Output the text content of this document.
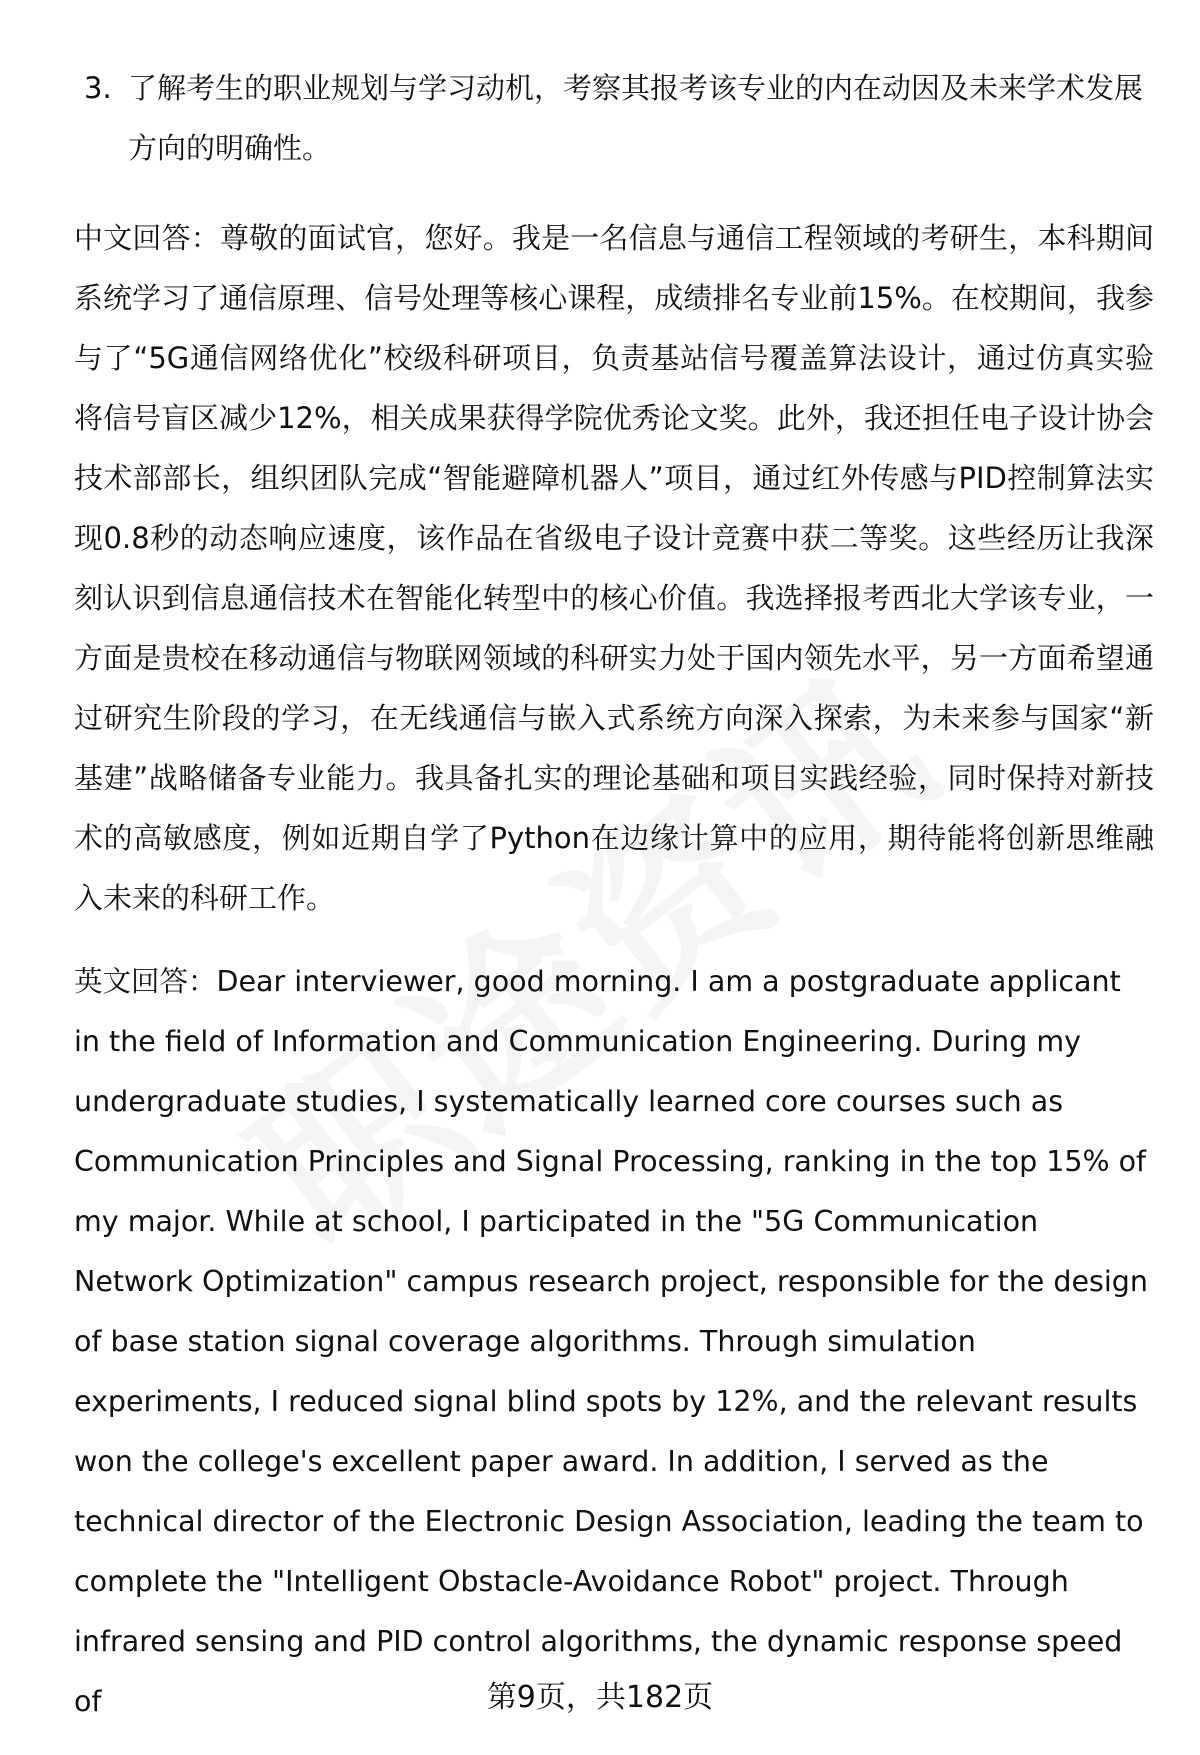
3. 了解考生的职业规划与学习动机，考察其报考该专业的内在动因及未来学术发展方向的明确性。
中文回答：尊敬的面试官，您好。我是一名信息与通信工程领域的考研生，本科期间系统学习了通信原理、信号处理等核心课程，成绩排名专业前15%。在校期间，我参与了“5G通信网络优化”校级科研项目，负责基站信号覆盖算法设计，通过仿真实验将信号盲区减少12%，相关成果获得学院优秀论文奖。此外，我还担任电子设计协会技术部部长，组织团队完成“智能避障机器人”项目，通过红外传感与PID控制算法实现0.8秒的动态响应速度，该作品在省级电子设计竞赛中获二等奖。这些经历让我深刻认识到信息通信技术在智能化转型中的核心价值。我选择报考西北大学该专业，一方面是贵校在移动通信与物联网领域的科研实力处于国内领先水平，另一方面希望通过研究生阶段的学习，在无线通信与嵌入式系统方向深入探索，为未来参与国家“新基建”战略储备专业能力。我具备扎实的理论基础和项目实践经验，同时保持对新技术的高敏感度，例如近期自学了Python在边缘计算中的应用，期待能将创新思维融入未来的科研工作。
英文回答：Dear interviewer, good morning. I am a postgraduate applicant in the field of Information and Communication Engineering. During my undergraduate studies, I systematically learned core courses such as Communication Principles and Signal Processing, ranking in the top 15% of my major. While at school, I participated in the "5G Communication Network Optimization" campus research project, responsible for the design of base station signal coverage algorithms. Through simulation experiments, I reduced signal blind spots by 12%, and the relevant results won the college's excellent paper award. In addition, I served as the technical director of the Electronic Design Association, leading the team to complete the "Intelligent Obstacle-Avoidance Robot" project. Through infrared sensing and PID control algorithms, the dynamic response speed of	第9页，共182页
